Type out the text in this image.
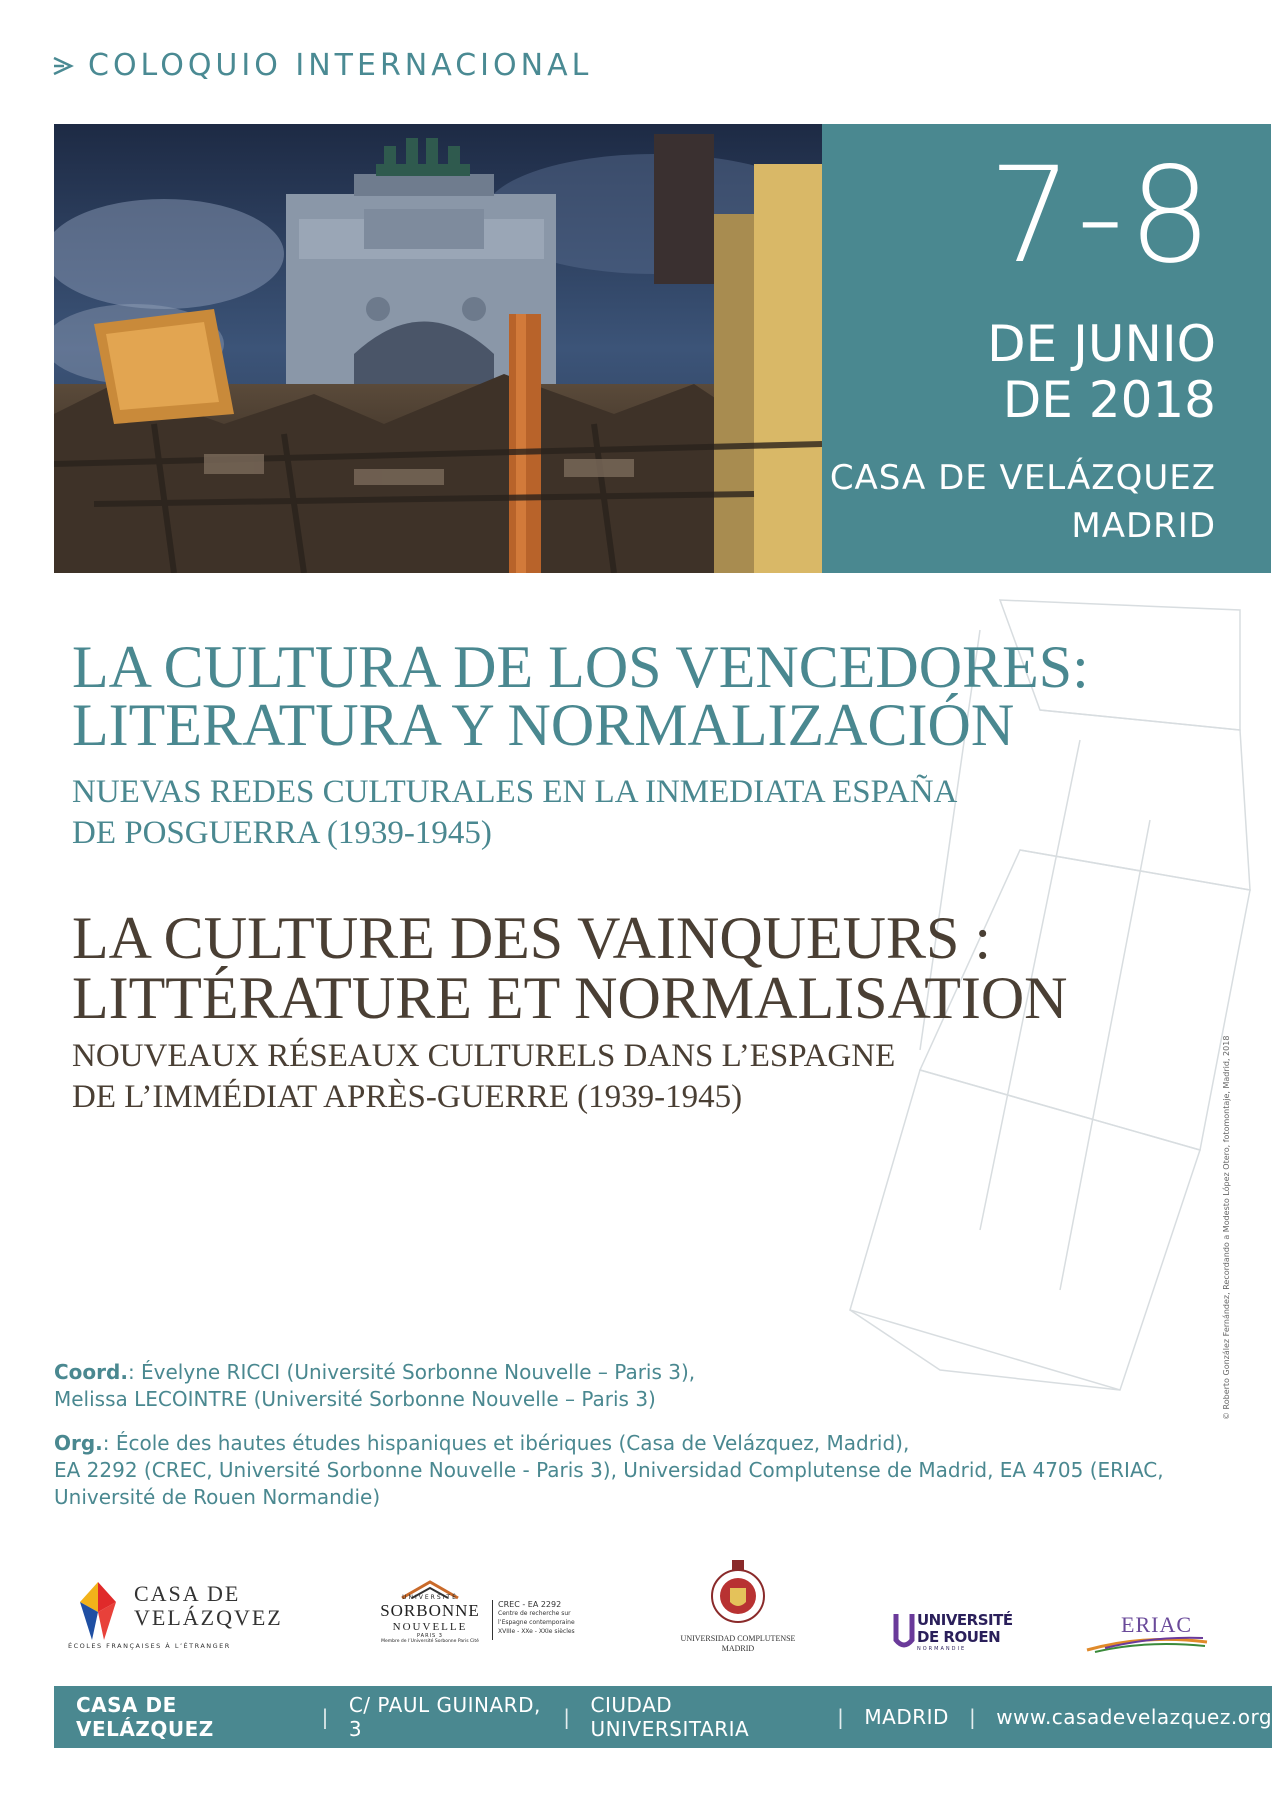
COLOQUIO INTERNACIONAL
7-8
DE JUNIO
DE 2018
CASA DE VELÁZQUEZ
MADRID
LA CULTURA DE LOS VENCEDORES:
LITERATURA Y NORMALIZACIÓN
NUEVAS REDES CULTURALES EN LA INMEDIATA ESPAÑA
DE POSGUERRA (1939-1945)
LA CULTURE DES VAINQUEURS :
LITTÉRATURE ET NORMALISATION
NOUVEAUX RÉSEAUX CULTURELS DANS L’ESPAGNE
DE L’IMMÉDIAT APRÈS-GUERRE (1939-1945)	© Roberto González Fernández, Recordando a Modesto López Otero, fotomontaje, Madrid, 2018
Coord.: Évelyne RICCI (Université Sorbonne Nouvelle – Paris 3),
Melissa LECOINTRE (Université Sorbonne Nouvelle – Paris 3)
Org.: École des hautes études hispaniques et ibériques (Casa de Velázquez, Madrid),
EA 2292 (CREC, Université Sorbonne Nouvelle - Paris 3), Universidad Complutense de Madrid, EA 4705 (ERIAC,
Université de Rouen Normandie)
CASA DE
VELÁZQVEZ
ÉCOLES FRANÇAISES À L’ÉTRANGER
UNIVERSITÉ
SORBONNE
NOUVELLE
PARIS 3
Membre de l’Université Sorbonne Paris Cité
CREC - EA 2292
Centre de recherche sur
l’Espagne contemporaine
XVIIIe - XXe - XXIe siècles
UNIVERSIDAD COMPLUTENSE
MADRID
UNIVERSITÉ
DE ROUEN
NORMANDIE
ERIAC
CASA DE VELÁZQUEZ	| C/ PAUL GUINARD, 3	| CIUDAD UNIVERSITARIA	| MADRID | www.casadevelazquez.org
